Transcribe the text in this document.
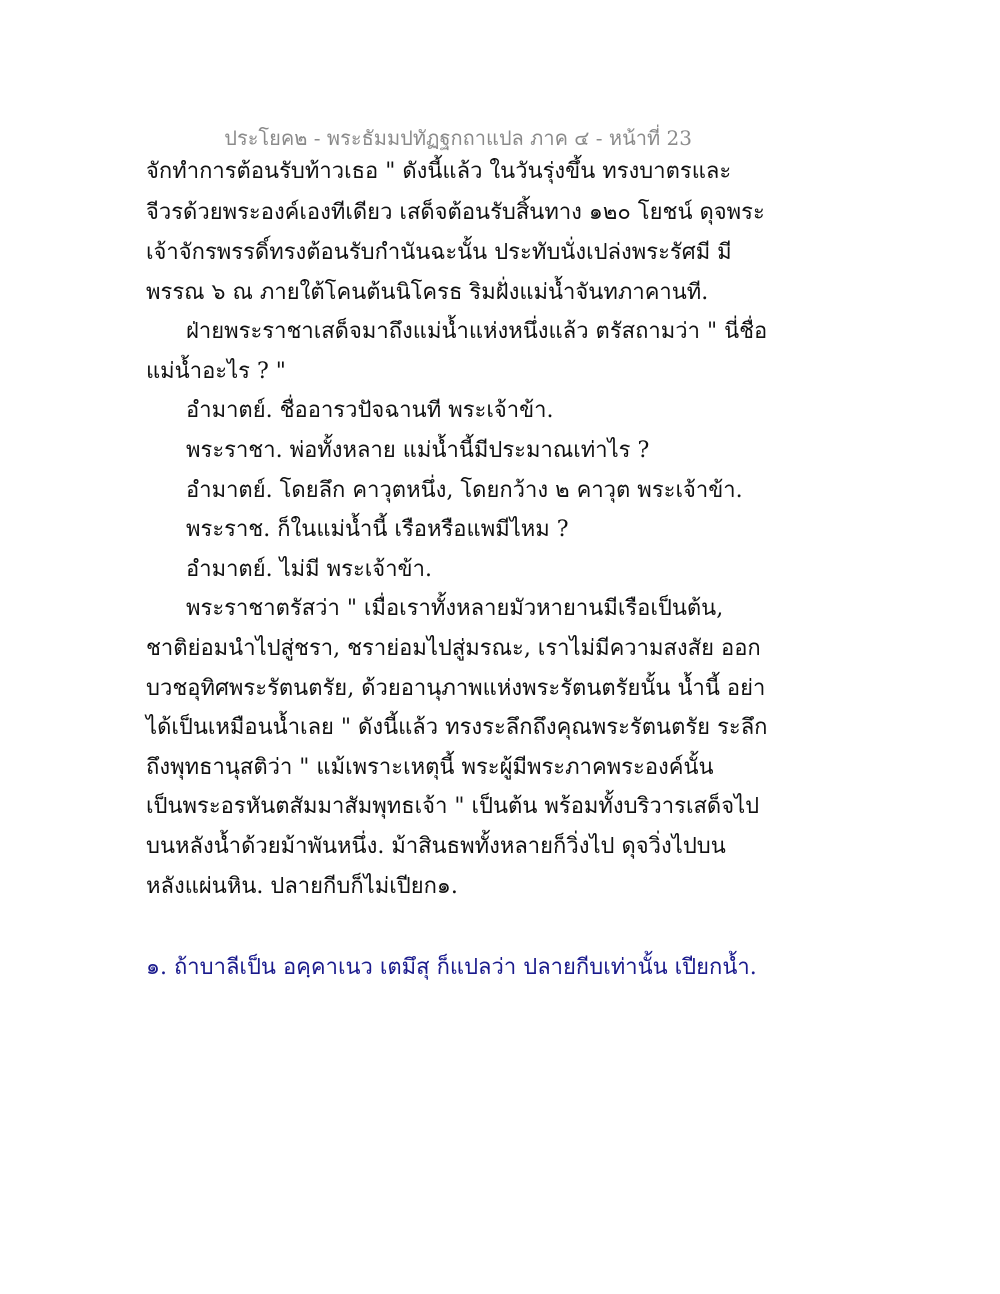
ประโยค๒ - พระธัมมปทัฏฐกถาแปล ภาค ๔ - หน้าที่ 23
จักทำการต้อนรับท้าวเธอ " ดังนี้แล้ว ในวันรุ่งขึ้น ทรงบาตรและ
จีวรด้วยพระองค์เองทีเดียว เสด็จต้อนรับสิ้นทาง ๑๒๐ โยชน์ ดุจพระ
เจ้าจักรพรรดิ์ทรงต้อนรับกำนันฉะนั้น ประทับนั่งเปล่งพระรัศมี มี
พรรณ ๖ ณ ภายใต้โคนต้นนิโครธ ริมฝั่งแม่น้ำจันทภาคานที.
ฝ่ายพระราชาเสด็จมาถึงแม่น้ำแห่งหนึ่งแล้ว ตรัสถามว่า " นี่ชื่อ
แม่น้ำอะไร ? "
อำมาตย์. ชื่ออารวปัจฉานที พระเจ้าข้า.
พระราชา. พ่อทั้งหลาย แม่น้ำนี้มีประมาณเท่าไร ?
อำมาตย์. โดยลึก คาวุตหนึ่ง, โดยกว้าง ๒ คาวุต พระเจ้าข้า.
พระราช. ก็ในแม่น้ำนี้ เรือหรือแพมีไหม ?
อำมาตย์. ไม่มี พระเจ้าข้า.
พระราชาตรัสว่า " เมื่อเราทั้งหลายมัวหายานมีเรือเป็นต้น,
ชาติย่อมนำไปสู่ชรา, ชราย่อมไปสู่มรณะ, เราไม่มีความสงสัย ออก
บวชอุทิศพระรัตนตรัย, ด้วยอานุภาพแห่งพระรัตนตรัยนั้น น้ำนี้ อย่า
ได้เป็นเหมือนน้ำเลย " ดังนี้แล้ว ทรงระลึกถึงคุณพระรัตนตรัย ระลึก
ถึงพุทธานุสติว่า " แม้เพราะเหตุนี้ พระผู้มีพระภาคพระองค์นั้น
เป็นพระอรหันตสัมมาสัมพุทธเจ้า " เป็นต้น พร้อมทั้งบริวารเสด็จไป
บนหลังน้ำด้วยม้าพันหนึ่ง. ม้าสินธพทั้งหลายก็วิ่งไป ดุจวิ่งไปบน
หลังแผ่นหิน. ปลายกีบก็ไม่เปียก๑.
๑. ถ้าบาลีเป็น อคฺคาเนว เตมึสุ ก็แปลว่า ปลายกีบเท่านั้น เปียกน้ำ.
